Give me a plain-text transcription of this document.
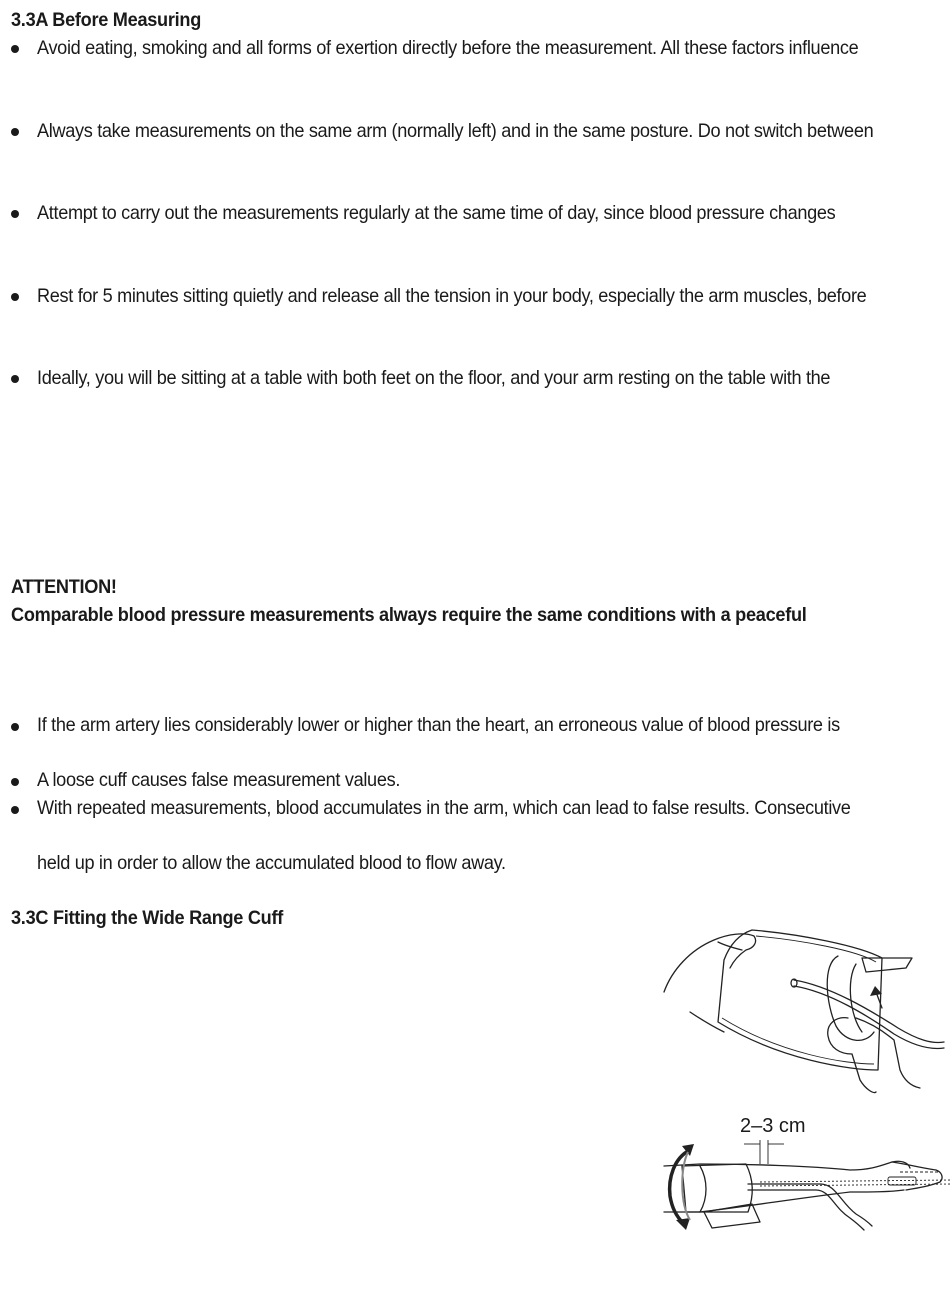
3.3A Before Measuring
Avoid eating, smoking and all forms of exertion directly before the measurement. All these factors influence
Always take measurements on the same arm (normally left) and in the same posture. Do not switch between
Attempt to carry out the measurements regularly at the same time of day, since blood pressure changes
Rest for 5 minutes sitting quietly and release all the tension in your body, especially the arm muscles, before
Ideally, you will be sitting at a table with both feet on the floor, and your arm resting on the table with the
ATTENTION!
Comparable blood pressure measurements always require the same conditions with a peaceful
If the arm artery lies considerably lower or higher than the heart, an erroneous value of blood pressure is
A loose cuff causes false measurement values.
With repeated measurements, blood accumulates in the arm, which can lead to false results. Consecutive
held up in order to allow the accumulated blood to flow away.
3.3C Fitting the Wide Range Cuff
2–3 cm
